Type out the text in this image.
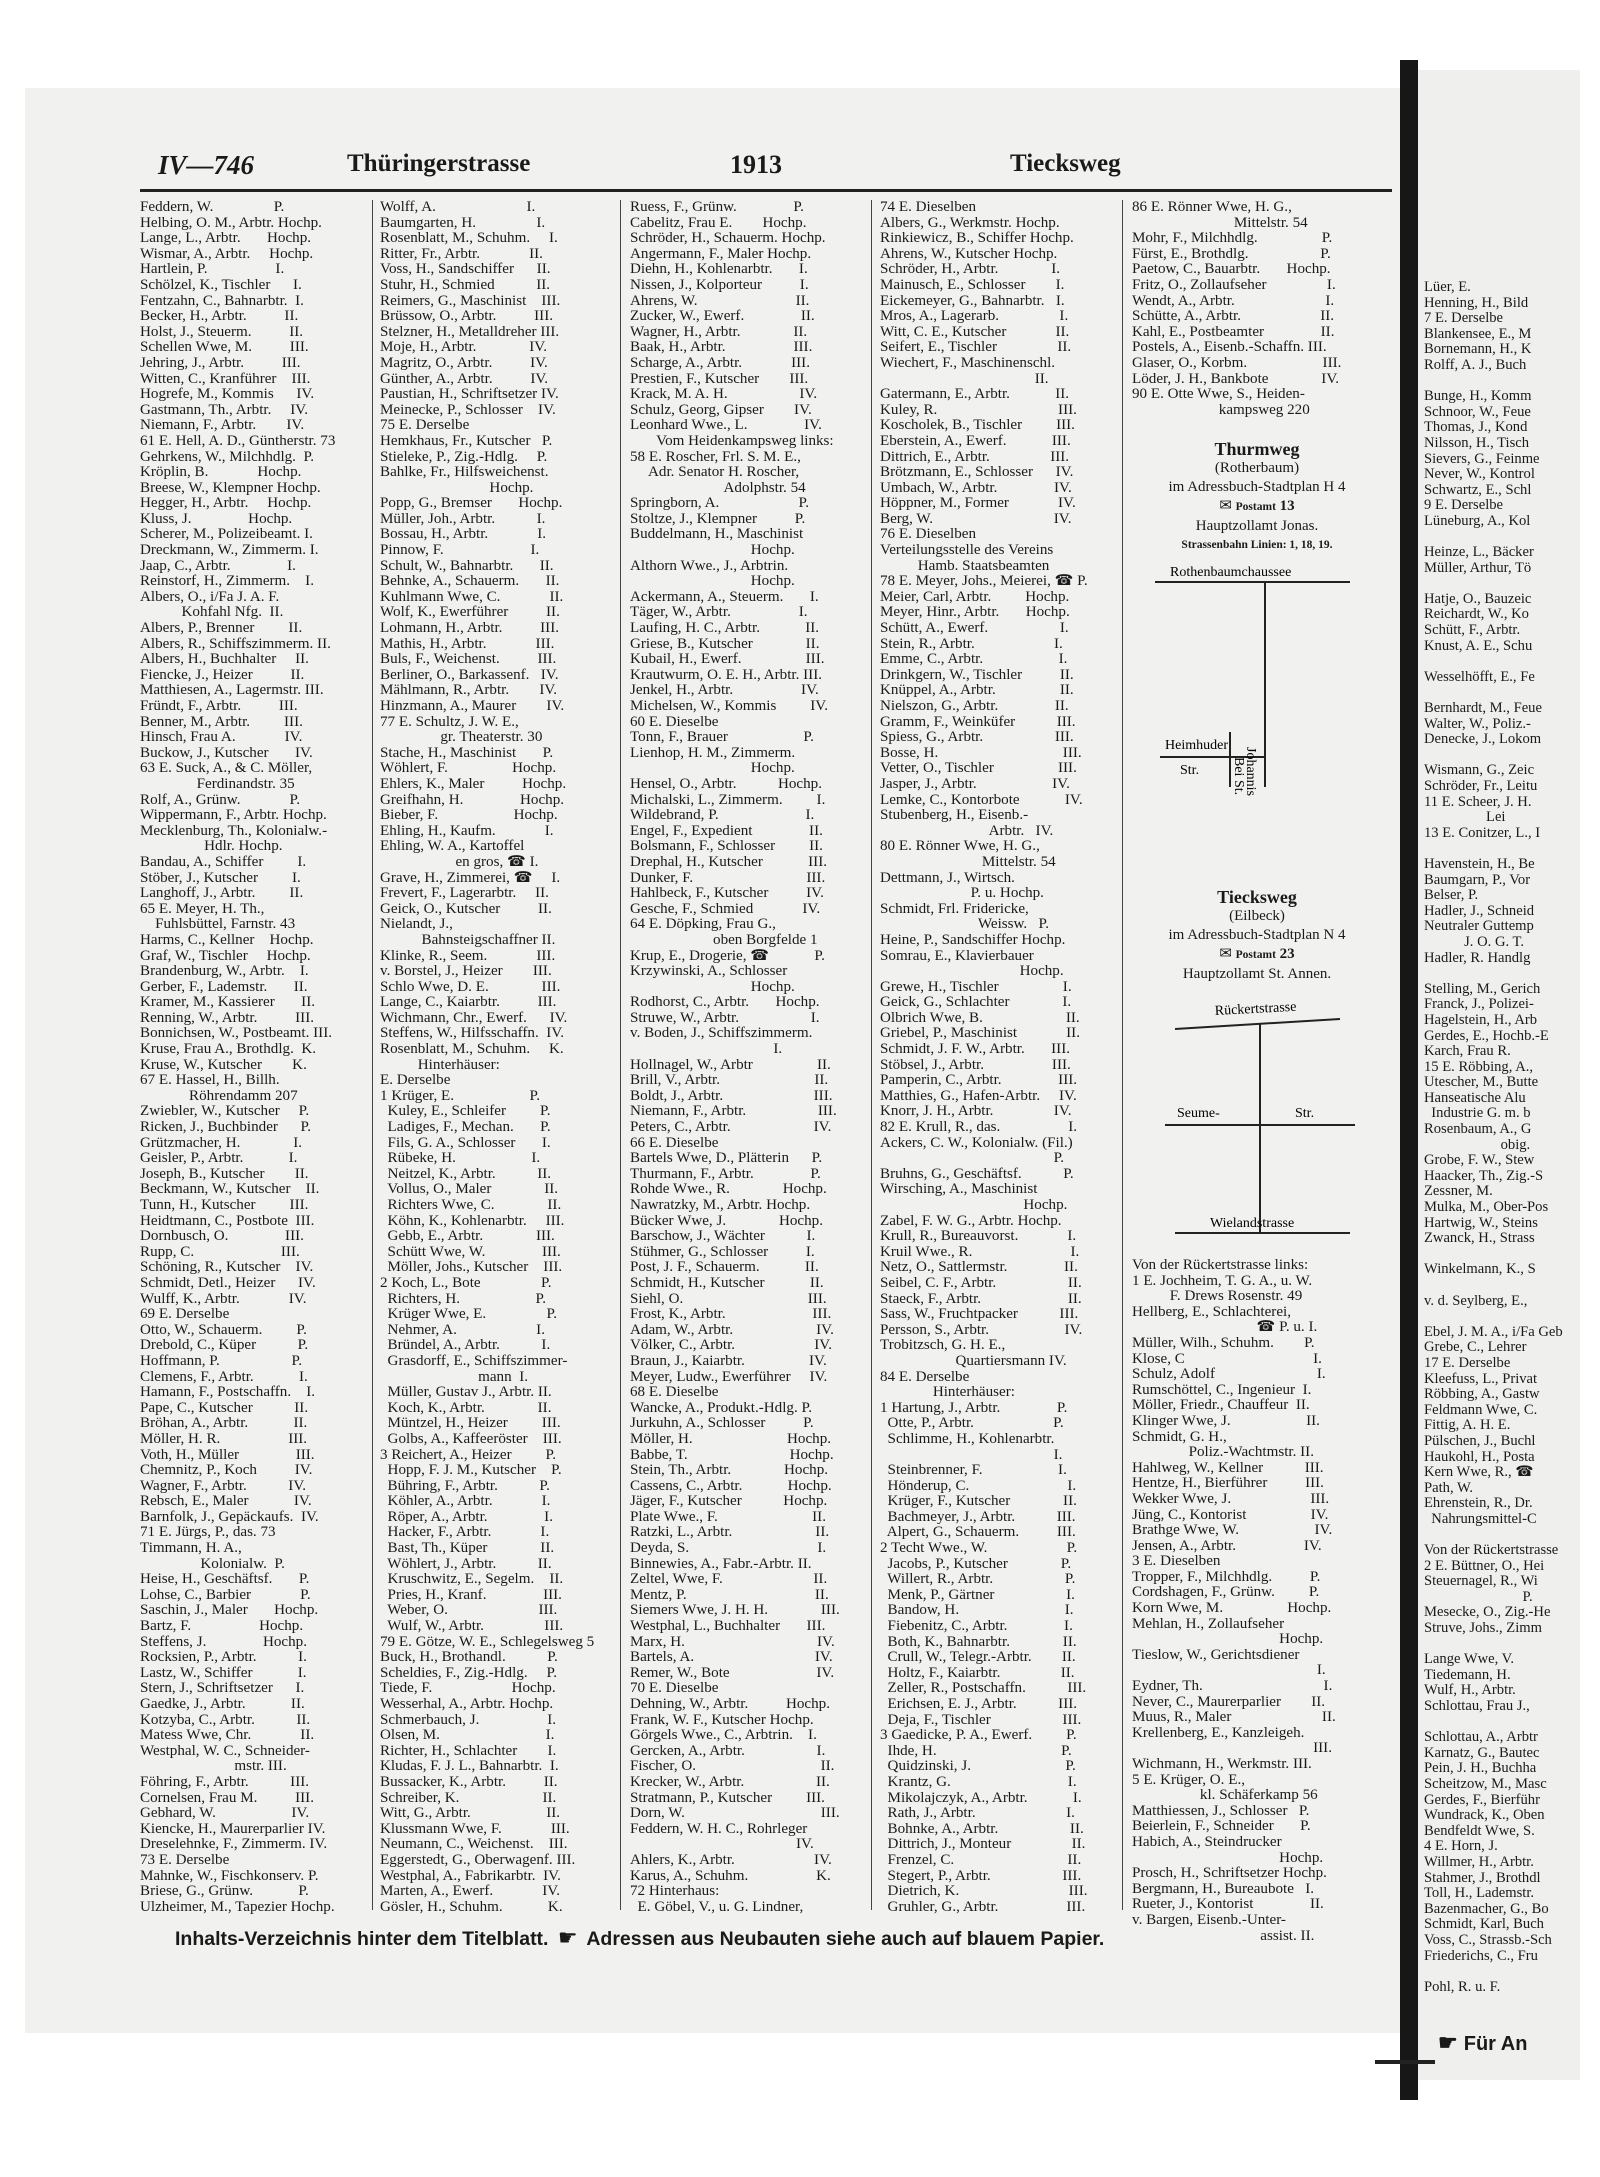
Lüer, E.
Henning, H., Bild
7 E. Derselbe
Blankensee, E., M
Bornemann, H., K
Rolff, A. J., Buch

Bunge, H., Komm
Schnoor, W., Feue
Thomas, J., Kond
Nilsson, H., Tisch
Sievers, G., Feinme
Never, W., Kontrol
Schwartz, E., Schl
9 E. Derselbe
Lüneburg, A., Kol

Heinze, L., Bäcker
Müller, Arthur, Tö

Hatje, O., Bauzeic
Reichardt, W., Ko
Schütt, F., Arbtr.
Knust, A. E., Schu

Wesselhöfft, E., Fe

Bernhardt, M., Feue
Walter, W., Poliz.-
Denecke, J., Lokom

Wismann, G., Zeic
Schröder, Fr., Leitu
11 E. Scheer, J. H.
Lei
13 E. Conitzer, L., I

Havenstein, H., Be
Baumgarn, P., Vor
Belser, P.
Hadler, J., Schneid
Neutraler Guttemp
J. O. G. T.
Hadler, R. Handlg

Stelling, M., Gerich
Franck, J., Polizei-
Hagelstein, H., Arb
Gerdes, E., Hochb.-E
Karch, Frau R.
15 E. Röbbing, A.,
Utescher, M., Butte
Hanseatische Alu
Industrie G. m. b
Rosenbaum, A., G
obig.
Grobe, F. W., Stew
Haacker, Th., Zig.-S
Zessner, M.
Mulka, M., Ober-Pos
Hartwig, W., Steins
Zwanck, H., Strass

Winkelmann, K., S

v. d. Seylberg, E.,

Ebel, J. M. A., i/Fa Geb
Grebe, C., Lehrer
17 E. Derselbe
Kleefuss, L., Privat
Röbbing, A., Gastw
Feldmann Wwe, C.
Fittig, A. H. E.
Pülschen, J., Buchl
Haukohl, H., Posta
Kern Wwe, R., ☎
Path, W.
Ehrenstein, R., Dr.
Nahrungsmittel-C

Von der Rückertstrasse
2 E. Büttner, O., Hei
Steuernagel, R., Wi
P.
Mesecke, O., Zig.-He
Struve, Johs., Zimm

Lange Wwe, V.
Tiedemann, H.
Wulf, H., Arbtr.
Schlottau, Frau J.,

Schlottau, A., Arbtr
Karnatz, G., Bautec
Pein, J. H., Buchha
Scheitzow, M., Masc
Gerdes, F., Bierführ
Wundrack, K., Oben
Bendfeldt Wwe, S.
4 E. Horn, J.
Willmer, H., Arbtr.
Stahmer, J., Brothdl
Toll, H., Lademstr.
Bazenmacher, G., Bo
Schmidt, Karl, Buch
Voss, C., Strassb.-Sch
Friederichs, C., Fru

Pohl, R. u. F.
☛ Für An
IV—746	Thüringerstrasse	1913	Tiecksweg
Feddern, W.                P.
Helbing, O. M., Arbtr. Hochp.
Lange, L., Arbtr.       Hochp.
Wismar, A., Arbtr.     Hochp.
Hartlein, P.                  I.
Schölzel, K., Tischler      I.
Fentzahn, C., Bahnarbtr.  I.
Becker, H., Arbtr.          II.
Holst, J., Steuerm.          II.
Schellen Wwe, M.          III.
Jehring, J., Arbtr.          III.
Witten, C., Kranführer    III.
Hogrefe, M., Kommis      IV.
Gastmann, Th., Arbtr.     IV.
Niemann, F., Arbtr.        IV.
61 E. Hell, A. D., Güntherstr. 73
Gehrkens, W., Milchhdlg.  P.
Kröplin, B.             Hochp.
Breese, W., Klempner Hochp.
Hegger, H., Arbtr.     Hochp.
Kluss, J.               Hochp.
Scherer, M., Polizeibeamt. I.
Dreckmann, W., Zimmerm. I.
Jaap, C., Arbtr.               I.
Reinstorf, H., Zimmerm.    I.
Albers, O., i/Fa J. A. F.
Kohfahl Nfg.  II.
Albers, P., Brenner         II.
Albers, R., Schiffszimmerm. II.
Albers, H., Buchhalter     II.
Fiencke, J., Heizer          II.
Matthiesen, A., Lagermstr. III.
Fründt, F., Arbtr.          III.
Benner, M., Arbtr.         III.
Hinsch, Frau A.             IV.
Buckow, J., Kutscher       IV.
63 E. Suck, A., & C. Möller,
Ferdinandstr. 35
Rolf, A., Grünw.             P.
Wippermann, F., Arbtr. Hochp.
Mecklenburg, Th., Kolonialw.-
Hdlr. Hochp.
Bandau, A., Schiffer         I.
Stöber, J., Kutscher         I.
Langhoff, J., Arbtr.         II.
65 E. Meyer, H. Th.,
Fuhlsbüttel, Farnstr. 43
Harms, C., Kellner    Hochp.
Graf, W., Tischler     Hochp.
Brandenburg, W., Arbtr.    I.
Gerber, F., Lademstr.       II.
Kramer, M., Kassierer       II.
Renning, W., Arbtr.          III.
Bonnichsen, W., Postbeamt. III.
Kruse, Frau A., Brothdlg.  K.
Kruse, W., Kutscher        K.
67 E. Hassel, H., Billh.
Röhrendamm 207
Zwiebler, W., Kutscher     P.
Ricken, J., Buchbinder      P.
Grützmacher, H.              I.
Geisler, P., Arbtr.            I.
Joseph, B., Kutscher        II.
Beckmann, W., Kutscher    II.
Tunn, H., Kutscher         III.
Heidtmann, C., Postbote  III.
Dornbusch, O.               III.
Rupp, C.                       III.
Schöning, R., Kutscher    IV.
Schmidt, Detl., Heizer      IV.
Wulff, K., Arbtr.             IV.
69 E. Derselbe
Otto, W., Schauerm.         P.
Drebold, C., Küper           P.
Hoffmann, P.                   P.
Clemens, F., Arbtr.            I.
Hamann, F., Postschaffn.    I.
Pape, C., Kutscher           II.
Bröhan, A., Arbtr.            II.
Möller, H. R.                  III.
Voth, H., Müller               III.
Chemnitz, P., Koch          IV.
Wagner, F., Arbtr.           IV.
Rebsch, E., Maler            IV.
Barnfolk, J., Gepäckaufs.  IV.
71 E. Jürgs, P., das. 73
Timmann, H. A.,
Kolonialw.  P.
Heise, H., Geschäftsf.       P.
Lohse, C., Barbier             P.
Saschin, J., Maler       Hochp.
Bartz, F.                  Hochp.
Steffens, J.               Hochp.
Rocksien, P., Arbtr.           I.
Lastz, W., Schiffer            I.
Stern, J., Schriftsetzer      I.
Gaedke, J., Arbtr.            II.
Kotzyba, C., Arbtr.           II.
Matess Wwe, Chr.             II.
Westphal, W. C., Schneider-
mstr. III.
Föhring, F., Arbtr.           III.
Cornelsen, Frau M.          III.
Gebhard, W.                    IV.
Kiencke, H., Maurerparlier IV.
Dreselehnke, F., Zimmerm. IV.
73 E. Derselbe
Mahnke, W., Fischkonserv. P.
Briese, G., Grünw.            P.
Ulzheimer, M., Tapezier Hochp.
Wolff, A.                        I.
Baumgarten, H.                I.
Rosenblatt, M., Schuhm.     I.
Ritter, Fr., Arbtr.             II.
Voss, H., Sandschiffer      II.
Stuhr, H., Schmied           II.
Reimers, G., Maschinist    III.
Brüssow, O., Arbtr.          III.
Stelzner, H., Metalldreher III.
Moje, H., Arbtr.              IV.
Magritz, O., Arbtr.          IV.
Günther, A., Arbtr.          IV.
Paustian, H., Schriftsetzer IV.
Meinecke, P., Schlosser    IV.
75 E. Derselbe
Hemkhaus, Fr., Kutscher   P.
Stieleke, P., Zig.-Hdlg.     P.
Bahlke, Fr., Hilfsweichenst.
Hochp.
Popp, G., Bremser       Hochp.
Müller, Joh., Arbtr.           I.
Bossau, H., Arbtr.             I.
Pinnow, F.                       I.
Schult, W., Bahnarbtr.       II.
Behnke, A., Schauerm.       II.
Kuhlmann Wwe, C.             II.
Wolf, K., Ewerführer          II.
Lohmann, H., Arbtr.          III.
Mathis, H., Arbtr.             III.
Buls, F., Weichenst.          III.
Berliner, O., Barkassenf.   IV.
Mählmann, R., Arbtr.        IV.
Hinzmann, A., Maurer        IV.
77 E. Schultz, J. W. E.,
gr. Theaterstr. 30
Stache, H., Maschinist       P.
Wöhlert, F.                 Hochp.
Ehlers, K., Maler          Hochp.
Greifhahn, H.               Hochp.
Bieber, F.                    Hochp.
Ehling, H., Kaufm.             I.
Ehling, W. A., Kartoffel
en gros, ☎ I.
Grave, H., Zimmerei, ☎     I.
Frevert, F., Lagerarbtr.     II.
Geick, O., Kutscher          II.
Nielandt, J.,
Bahnsteigschaffner II.
Klinke, R., Seem.             III.
v. Borstel, J., Heizer        III.
Schlo Wwe, D. E.              III.
Lange, C., Kaiarbtr.          III.
Wichmann, Chr., Ewerf.      IV.
Steffens, W., Hilfsschaffn.  IV.
Rosenblatt, M., Schuhm.     K.
Hinterhäuser:
E. Derselbe
1 Krüger, E.                    P.
Kuley, E., Schleifer         P.
Ladiges, F., Mechan.       P.
Fils, G. A., Schlosser       I.
Rübeke, H.                    I.
Neitzel, K., Arbtr.           II.
Vollus, O., Maler              II.
Richters Wwe, C.              II.
Köhn, K., Kohlenarbtr.     III.
Gebb, E., Arbtr.              III.
Schütt Wwe, W.               III.
Möller, Johs., Kutscher    III.
2 Koch, L., Bote                P.
Richters, H.                    P.
Krüger Wwe, E.                P.
Nehmer, A.                     I.
Bründel, A., Arbtr.           I.
Grasdorff, E., Schiffszimmer-
mann  I.
Müller, Gustav J., Arbtr. II.
Koch, K., Arbtr.              II.
Müntzel, H., Heizer         III.
Golbs, A., Kaffeeröster    III.
3 Reichert, A., Heizer         P.
Hopp, F. J. M., Kutscher    P.
Bühring, F., Arbtr.           P.
Köhler, A., Arbtr.             I.
Röper, A., Arbtr.               I.
Hacker, F., Arbtr.             I.
Bast, Th., Küper              II.
Wöhlert, J., Arbtr.           II.
Kruschwitz, E., Segelm.    II.
Pries, H., Kranf.               III.
Weber, O.                        III.
Wulf, W., Arbtr.                III.
79 E. Götze, W. E., Schlegelsweg 5
Buck, H., Brothandl.           P.
Scheldies, F., Zig.-Hdlg.     P.
Tiede, F.                     Hochp.
Wesserhal, A., Arbtr. Hochp.
Schmerbauch, J.                  I.
Olsen, M.                            I.
Richter, H., Schlachter        I.
Kludas, F. J. L., Bahnarbtr.  I.
Bussacker, K., Arbtr.          II.
Schreiber, K.                      II.
Witt, G., Arbtr.                    II.
Klussmann Wwe, F.             III.
Neumann, C., Weichenst.    III.
Eggerstedt, G., Oberwagenf. III.
Westphal, A., Fabrikarbtr.  IV.
Marten, A., Ewerf.             IV.
Gösler, H., Schuhm.            K.
Ruess, F., Grünw.               P.
Cabelitz, Frau E.        Hochp.
Schröder, H., Schauerm. Hochp.
Angermann, F., Maler Hochp.
Diehn, H., Kohlenarbtr.       I.
Nissen, J., Kolporteur          I.
Ahrens, W.                          II.
Zucker, W., Ewerf.               II.
Wagner, H., Arbtr.              II.
Baak, H., Arbtr.                  III.
Scharge, A., Arbtr.             III.
Prestien, F., Kutscher        III.
Krack, M. A. H.                   IV.
Schulz, Georg, Gipser        IV.
Leonhard Wwe., L.               IV.
Vom Heidenkampsweg links:
58 E. Roscher, Frl. S. M. E.,
Adr. Senator H. Roscher,
Adolphstr. 54
Springborn, A.                     P.
Stoltze, J., Klempner          P.
Buddelmann, H., Maschinist
Hochp.
Althorn Wwe., J., Arbtrin.
Hochp.
Ackermann, A., Steuerm.       I.
Täger, W., Arbtr.                  I.
Laufing, H. C., Arbtr.            II.
Griese, B., Kutscher              II.
Kubail, H., Ewerf.                 III.
Krautwurm, O. E. H., Arbtr. III.
Jenkel, H., Arbtr.                  IV.
Michelsen, W., Kommis         IV.
60 E. Dieselbe
Tonn, F., Brauer                    P.
Lienhop, H. M., Zimmerm.
Hochp.
Hensel, O., Arbtr.           Hochp.
Michalski, L., Zimmerm.         I.
Wildebrand, P.                       I.
Engel, F., Expedient               II.
Bolsmann, F., Schlosser         II.
Drephal, H., Kutscher            III.
Dunker, F.                              III.
Hahlbeck, F., Kutscher          IV.
Gesche, F., Schmied             IV.
64 E. Döpking, Frau G.,
oben Borgfelde 1
Krup, E., Drogerie, ☎            P.
Krzywinski, A., Schlosser
Hochp.
Rodhorst, C., Arbtr.       Hochp.
Struwe, W., Arbtr.                   I.
v. Boden, J., Schiffszimmerm.
I.
Hollnagel, W., Arbtr                 II.
Brill, V., Arbtr.                         II.
Boldt, J., Arbtr.                        III.
Niemann, F., Arbtr.                   III.
Peters, C., Arbtr.                      IV.
66 E. Dieselbe
Bartels Wwe, D., Plätterin      P.
Thurmann, F., Arbtr.               P.
Rohde Wwe., R.              Hochp.
Nawratzky, M., Arbtr. Hochp.
Bücker Wwe, J.              Hochp.
Barschow, J., Wächter           I.
Stühmer, G., Schlosser          I.
Post, J. F., Schauerm.            II.
Schmidt, H., Kutscher            II.
Siehl, O.                                 III.
Frost, K., Arbtr.                       III.
Adam, W., Arbtr.                      IV.
Völker, C., Arbtr.                     IV.
Braun, J., Kaiarbtr.                 IV.
Meyer, Ludw., Ewerführer     IV.
68 E. Dieselbe
Wancke, A., Produkt.-Hdlg. P.
Jurkuhn, A., Schlosser          P.
Möller, H.                         Hochp.
Babbe, T.                           Hochp.
Stein, Th., Arbtr.              Hochp.
Cassens, C., Arbtr.            Hochp.
Jäger, F., Kutscher           Hochp.
Plate Wwe., F.                         II.
Ratzki, L., Arbtr.                      II.
Deyda, S.                                  I.
Binnewies, A., Fabr.-Arbtr. II.
Zeltel, Wwe, F.                        II.
Mentz, P.                                  II.
Siemers Wwe, J. H. H.              III.
Westphal, L., Buchhalter       III.
Marx, H.                                   IV.
Bartels, A.                                IV.
Remer, W., Bote                       IV.
70 E. Dieselbe
Dehning, W., Arbtr.          Hochp.
Frank, W. F., Kutscher Hochp.
Görgels Wwe., C., Arbtrin.    I.
Gercken, A., Arbtr.                   I.
Fischer, O.                                 II.
Krecker, W., Arbtr.                   II.
Stratmann, P., Kutscher         III.
Dorn, W.                                    III.
Feddern, W. H. C., Rohrleger
IV.
Ahlers, K., Arbtr.                     IV.
Karus, A., Schuhm.                  K.
72 Hinterhaus:
E. Göbel, V., u. G. Lindner,
74 E. Dieselben
Albers, G., Werkmstr. Hochp.
Rinkiewicz, B., Schiffer Hochp.
Ahrens, W., Kutscher Hochp.
Schröder, H., Arbtr.              I.
Mainusch, E., Schlosser        I.
Eickemeyer, G., Bahnarbtr.   I.
Mros, A., Lagerarb.                I.
Witt, C. E., Kutscher             II.
Seifert, E., Tischler                II.
Wiechert, F., Maschinenschl.
II.
Gatermann, E., Arbtr.            II.
Kuley, R.                                III.
Koscholek, B., Tischler         III.
Eberstein, A., Ewerf.            III.
Dittrich, E., Arbtr.                III.
Brötzmann, E., Schlosser      IV.
Umbach, W., Arbtr.               IV.
Höppner, M., Former             IV.
Berg, W.                                IV.
76 E. Dieselben
Verteilungsstelle des Vereins
Hamb. Staatsbeamten
78 E. Meyer, Johs., Meierei, ☎ P.
Meier, Carl, Arbtr.         Hochp.
Meyer, Hinr., Arbtr.       Hochp.
Schütt, A., Ewerf.                   I.
Stein, R., Arbtr.                     I.
Emme, C., Arbtr.                    I.
Drinkgern, W., Tischler          II.
Knüppel, A., Arbtr.                 II.
Nielszon, G., Arbtr.               II.
Gramm, F., Weinküfer           III.
Spiess, G., Arbtr.                   III.
Bosse, H.                                 III.
Vetter, O., Tischler                 III.
Jasper, J., Arbtr.                    IV.
Lemke, C., Kontorbote            IV.
Stubenberg, H., Eisenb.-
Arbtr.   IV.
80 E. Rönner Wwe, H. G.,
Mittelstr. 54
Dettmann, J., Wirtsch.
P. u. Hochp.
Schmidt, Frl. Fridericke,
Weissw.   P.
Heine, P., Sandschiffer Hochp.
Somrau, E., Klavierbauer
Hochp.
Grewe, H., Tischler                 I.
Geick, G., Schlachter              I.
Olbrich Wwe, B.                      II.
Griebel, P., Maschinist             II.
Schmidt, J. F. W., Arbtr.       III.
Stöbsel, J., Arbtr.                  III.
Pamperin, C., Arbtr.               III.
Matthies, G., Hafen-Arbtr.     IV.
Knorr, J. H., Arbtr.                IV.
82 E. Krull, R., das.                  I.
Ackers, C. W., Kolonialw. (Fil.)
P.
Bruhns, G., Geschäftsf.           P.
Wirsching, A., Maschinist
Hochp.
Zabel, F. W. G., Arbtr. Hochp.
Krull, R., Bureauvorst.             I.
Kruil Wwe., R.                          I.
Netz, O., Sattlermstr.               II.
Seibel, C. F., Arbtr.                   II.
Staeck, F., Arbtr.                       II.
Sass, W., Fruchtpacker           III.
Persson, S., Arbtr.                    IV.
Trobitzsch, G. H. E.,
Quartiersmann IV.
84 E. Derselbe
Hinterhäuser:
1 Hartung, J., Arbtr.               P.
Otte, P., Arbtr.                     P.
Schlimme, H., Kohlenarbtr.
I.
Steinbrenner, F.                    I.
Hönderup, C.                          I.
Krüger, F., Kutscher              II.
Bachmeyer, J., Arbtr.           III.
Alpert, G., Schauerm.          III.
2 Techt Wwe., W.                     P.
Jacobs, P., Kutscher              P.
Willert, R., Arbtr.                   P.
Menk, P., Gärtner                   I.
Bandow, H.                            I.
Fiebenitz, C., Arbtr.               I.
Both, K., Bahnarbtr.              II.
Crull, W., Telegr.-Arbtr.        II.
Holtz, F., Kaiarbtr.                II.
Zeller, R., Postschaffn.           III.
Erichsen, E. J., Arbtr.           III.
Deja, F., Tischler                   III.
3 Gaedicke, P. A., Ewerf.         P.
Ihde, H.                                 P.
Quidzinski, J.                         P.
Krantz, G.                               I.
Mikolajczyk, A., Arbtr.            I.
Rath, J., Arbtr.                        I.
Bohnke, A., Arbtr.                   II.
Dittrich, J., Monteur                II.
Frenzel, C.                              II.
Stegert, P., Arbtr.                   III.
Dietrich, K.                             III.
Gruhler, G., Arbtr.                  III.
86 E. Rönner Wwe, H. G.,
Mittelstr. 54
Mohr, F., Milchhdlg.                 P.
Fürst, E., Brothdlg.                   P.
Paetow, C., Bauarbtr.       Hochp.
Fritz, O., Zollaufseher                I.
Wendt, A., Arbtr.                        I.
Schütte, A., Arbtr.                     II.
Kahl, E., Postbeamter               II.
Postels, A., Eisenb.-Schaffn. III.
Glaser, O., Korbm.                    III.
Löder, J. H., Bankbote              IV.
90 E. Otte Wwe, S., Heiden-
kampsweg 220
Thurmweg
(Rotherbaum)
im Adressbuch-Stadtplan H 4
✉ Postamt 13
Hauptzollamt Jonas.
Strassenbahn Linien: 1, 18, 19.
Rothenbaumchaussee
Heimhuder
Str.	Johannis
Bei St.
Tiecksweg
(Eilbeck)
im Adressbuch-Stadtplan N 4
✉ Postamt 23
Hauptzollamt St. Annen.
Rückertstrasse
Seume-	Str.
Wielandstrasse
Von der Rückertstrasse links:
1 E. Jochheim, T. G. A., u. W.
F. Drews Rosenstr. 49
Hellberg, E., Schlachterei,
☎ P. u. I.
Müller, Wilh., Schuhm.        P.
Klose, C                                  I.
Schulz, Adolf                           I.
Rumschöttel, C., Ingenieur  I.
Möller, Friedr., Chauffeur  II.
Klinger Wwe, J.                    II.
Schmidt, G. H.,
Poliz.-Wachtmstr. II.
Hahlweg, W., Kellner           III.
Hentze, H., Bierführer          III.
Wekker Wwe, J.                     III.
Jüng, C., Kontorist                 IV.
Brathge Wwe, W.                    IV.
Jensen, A., Arbtr.                  IV.
3 E. Dieselben
Tropper, F., Milchhdlg.          P.
Cordshagen, F., Grünw.         P.
Korn Wwe, M.                 Hochp.
Mehlan, H., Zollaufseher
Hochp.
Tieslow, W., Gerichtsdiener
I.
Eydner, Th.                                I.
Never, C., Maurerparlier        II.
Muus, R., Maler                        II.
Krellenberg, E., Kanzleigeh.
III.
Wichmann, H., Werkmstr. III.
5 E. Krüger, O. E.,
kl. Schäferkamp 56
Matthiessen, J., Schlosser   P.
Beierlein, F., Schneider       P.
Habich, A., Steindrucker
Hochp.
Prosch, H., Schriftsetzer Hochp.
Bergmann, H., Bureaubote   I.
Rueter, J., Kontorist               II.
v. Bargen, Eisenb.-Unter-
assist. II.
Inhalts-Verzeichnis hinter dem Titelblatt. ☛ Adressen aus Neubauten siehe auch auf blauem Papier.
